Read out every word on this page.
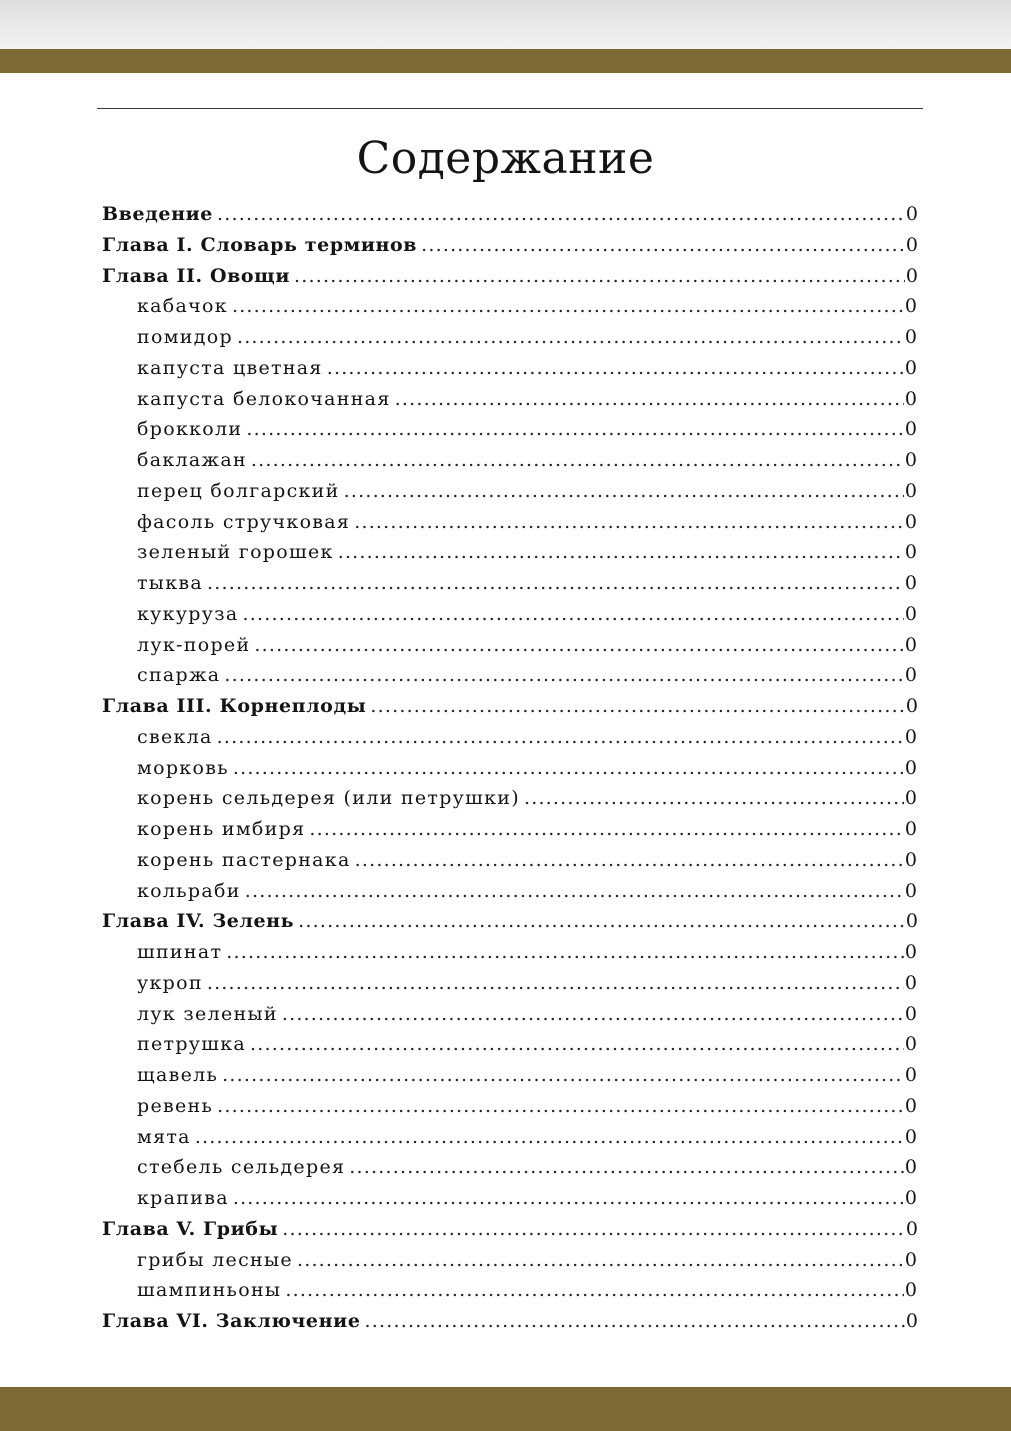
Содержание
Введение .....	0
Глава I. Словарь терминов .....	0
Глава II. Овощи .....	0
кабачок .....	0
помидор .....	0
капуста цветная .....	0
капуста белокочанная .....	0
брокколи .....	0
баклажан .....	0
перец болгарский .....	0
фасоль стручковая .....	0
зеленый горошек .....	0
тыква .....	0
кукуруза .....	0
лук-порей .....	0
спаржа .....	0
Глава III. Корнеплоды .....	0
свекла .....	0
морковь .....	0
корень сельдерея (или петрушки) .....	0
корень имбиря .....	0
корень пастернака .....	0
кольраби .....	0
Глава IV. Зелень .....	0
шпинат .....	0
укроп .....	0
лук зеленый .....	0
петрушка .....	0
щавель .....	0
ревень .....	0
мята .....	0
стебель сельдерея .....	0
крапива .....	0
Глава V. Грибы .....	0
грибы лесные .....	0
шампиньоны .....	0
Глава VI. Заключение .....	0
